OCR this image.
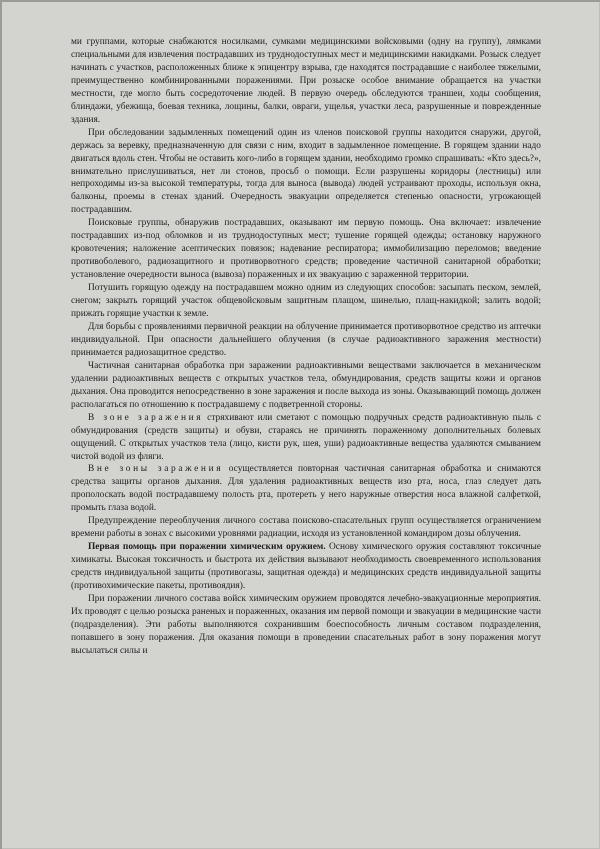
ми группами, которые снабжаются носилками, сумками медицинскими войсковыми (одну на группу), лямками специальными для извлечения пострадавших из труднодоступных мест и медицинскими накидками. Розыск следует начинать с участков, расположенных ближе к эпицентру взрыва, где находятся пострадавшие с наиболее тяжелыми, преимущественно комбинированными поражениями. При розыске особое внимание обращается на участки местности, где могло быть сосредоточение людей. В первую очередь обследуются траншеи, ходы сообщения, блиндажи, убежища, боевая техника, лощины, балки, овраги, ущелья, участки леса, разрушенные и поврежденные здания.

При обследовании задымленных помещений один из членов поисковой группы находится снаружи, другой, держась за веревку, предназначенную для связи с ним, входит в задымленное помещение. В горящем здании надо двигаться вдоль стен. Чтобы не оставить кого-либо в горящем здании, необходимо громко спрашивать: «Кто здесь?», внимательно прислушиваться, нет ли стонов, просьб о помощи. Если разрушены коридоры (лестницы) или непроходимы из-за высокой температуры, тогда для выноса (вывода) людей устраивают проходы, используя окна, балконы, проемы в стенах зданий. Очередность эвакуации определяется степенью опасности, угрожающей пострадавшим.

Поисковые группы, обнаружив пострадавших, оказывают им первую помощь. Она включает: извлечение пострадавших из-под обломков и из труднодоступных мест; тушение горящей одежды; остановку наружного кровотечения; наложение асептических повязок; надевание респиратора; иммобилизацию переломов; введение противоболевого, радиозащитного и противорвотного средств; проведение частичной санитарной обработки; установление очередности выноса (вывоза) пораженных и их эвакуацию с зараженной территории.

Потушить горящую одежду на пострадавшем можно одним из следующих способов: засыпать песком, землей, снегом; закрыть горящий участок общевойсковым защитным плащом, шинелью, плащ-накидкой; залить водой; прижать горящие участки к земле.

Для борьбы с проявлениями первичной реакции на облучение принимается противорвотное средство из аптечки индивидуальной. При опасности дальнейшего облучения (в случае радиоактивного заражения местности) принимается радиозащитное средство.

Частичная санитарная обработка при заражении радиоактивными веществами заключается в механическом удалении радиоактивных веществ с открытых участков тела, обмундирования, средств защиты кожи и органов дыхания. Она проводится непосредственно в зоне заражения и после выхода из зоны. Оказывающий помощь должен располагаться по отношению к пострадавшему с подветренной стороны.

В зоне заражения стряхивают или сметают с помощью подручных средств радиоактивную пыль с обмундирования (средств защиты) и обуви, стараясь не причинять пораженному дополнительных болевых ощущений. С открытых участков тела (лицо, кисти рук, шея, уши) радиоактивные вещества удаляются смыванием чистой водой из фляги.

Вне зоны заражения осуществляется повторная частичная санитарная обработка и снимаются средства защиты органов дыхания. Для удаления радиоактивных веществ изо рта, носа, глаз следует дать прополоскать водой пострадавшему полость рта, протереть у него наружные отверстия носа влажной салфеткой, промыть глаза водой.

Предупреждение переоблучения личного состава поисково-спасательных групп осуществляется ограничением времени работы в зонах с высокими уровнями радиации, исходя из установленной командиром дозы облучения.

Первая помощь при поражении химическим оружием. Основу химического оружия составляют токсичные химикаты. Высокая токсичность и быстрота их действия вызывают необходимость своевременного использования средств индивидуальной защиты (противогазы, защитная одежда) и медицинских средств индивидуальной защиты (противохимические пакеты, противоядия).

При поражении личного состава войск химическим оружием проводятся лечебно-эвакуационные мероприятия. Их проводят с целью розыска раненых и пораженных, оказания им первой помощи и эвакуации в медицинские части (подразделения). Эти работы выполняются сохранившим боеспособность личным составом подразделения, попавшего в зону поражения. Для оказания помощи в проведении спасательных работ в зону поражения могут высылаться силы и
